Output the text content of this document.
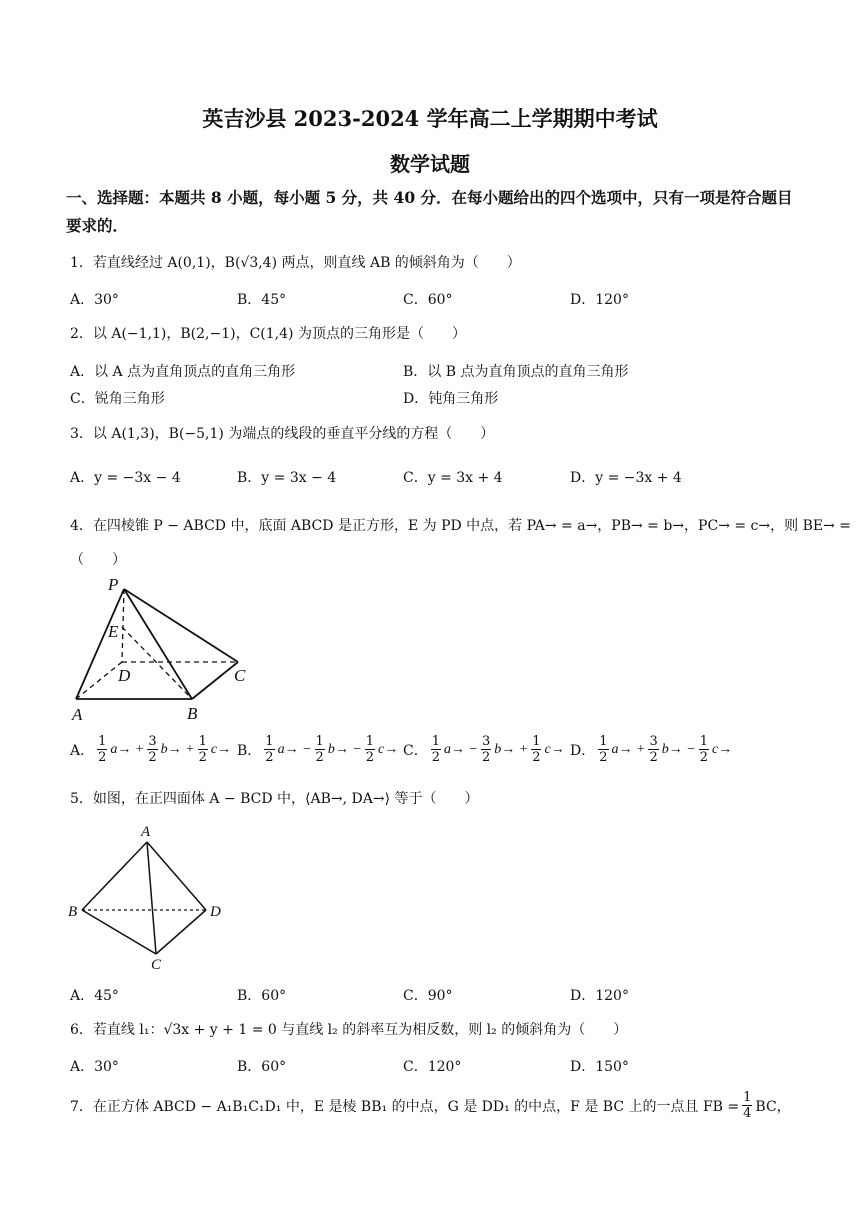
英吉沙县 2023-2024 学年高二上学期期中考试
数学试题
一、选择题：本题共 8 小题，每小题 5 分，共 40 分．在每小题给出的四个选项中，只有一项是符合题目要求的．
1．若直线经过 A(0,1)，B(√3,4) 两点，则直线 AB 的倾斜角为（　　）
A．30°	B．45°	C．60°	D．120°
2．以 A(−1,1)，B(2,−1)，C(1,4) 为顶点的三角形是（　　）
A．以 A 点为直角顶点的直角三角形	B．以 B 点为直角顶点的直角三角形
C．锐角三角形	D．钝角三角形
3．以 A(1,3)，B(−5,1) 为端点的线段的垂直平分线的方程（　　）
A．y = −3x − 4	B．y = 3x − 4	C．y = 3x + 4	D．y = −3x + 4
4．在四棱锥 P − ABCD 中，底面 ABCD 是正方形，E 为 PD 中点，若 PA→ = a→，PB→ = b→，PC→ = c→，则 BE→ =
（　　）
P
E
D	C
A	B
A． $\frac{1}{2} a\to + \frac{3}{2} b\to + \frac{1}{2} c\to B$． $\frac{1}{2} a\to - \frac{1}{2} b\to - \frac{1}{2} c\to C$． $\frac{1}{2} a\to - \frac{3}{2} b\to + \frac{1}{2} c\to D$． $\frac{1}{2} a\to + \frac{3}{2} b\to - \frac{1}{2} c\to$
5．如图，在正四面体 A − BCD 中，⟨AB→, DA→⟩ 等于（　　）
A
B	D
C
A．45°	B．60°	C．90°	D．120°
6．若直线 l₁：√3x + y + 1 = 0 与直线 l₂ 的斜率互为相反数，则 l₂ 的倾斜角为（　　）
A．30°	B．60°	C．120°	D．150°
7．在正方体 ABCD − A₁B₁C₁D₁ 中，E 是棱 BB₁ 的中点，G 是 DD₁ 的中点，F 是 BC 上的一点且 FB = $\frac{1}{4}$ BC，
